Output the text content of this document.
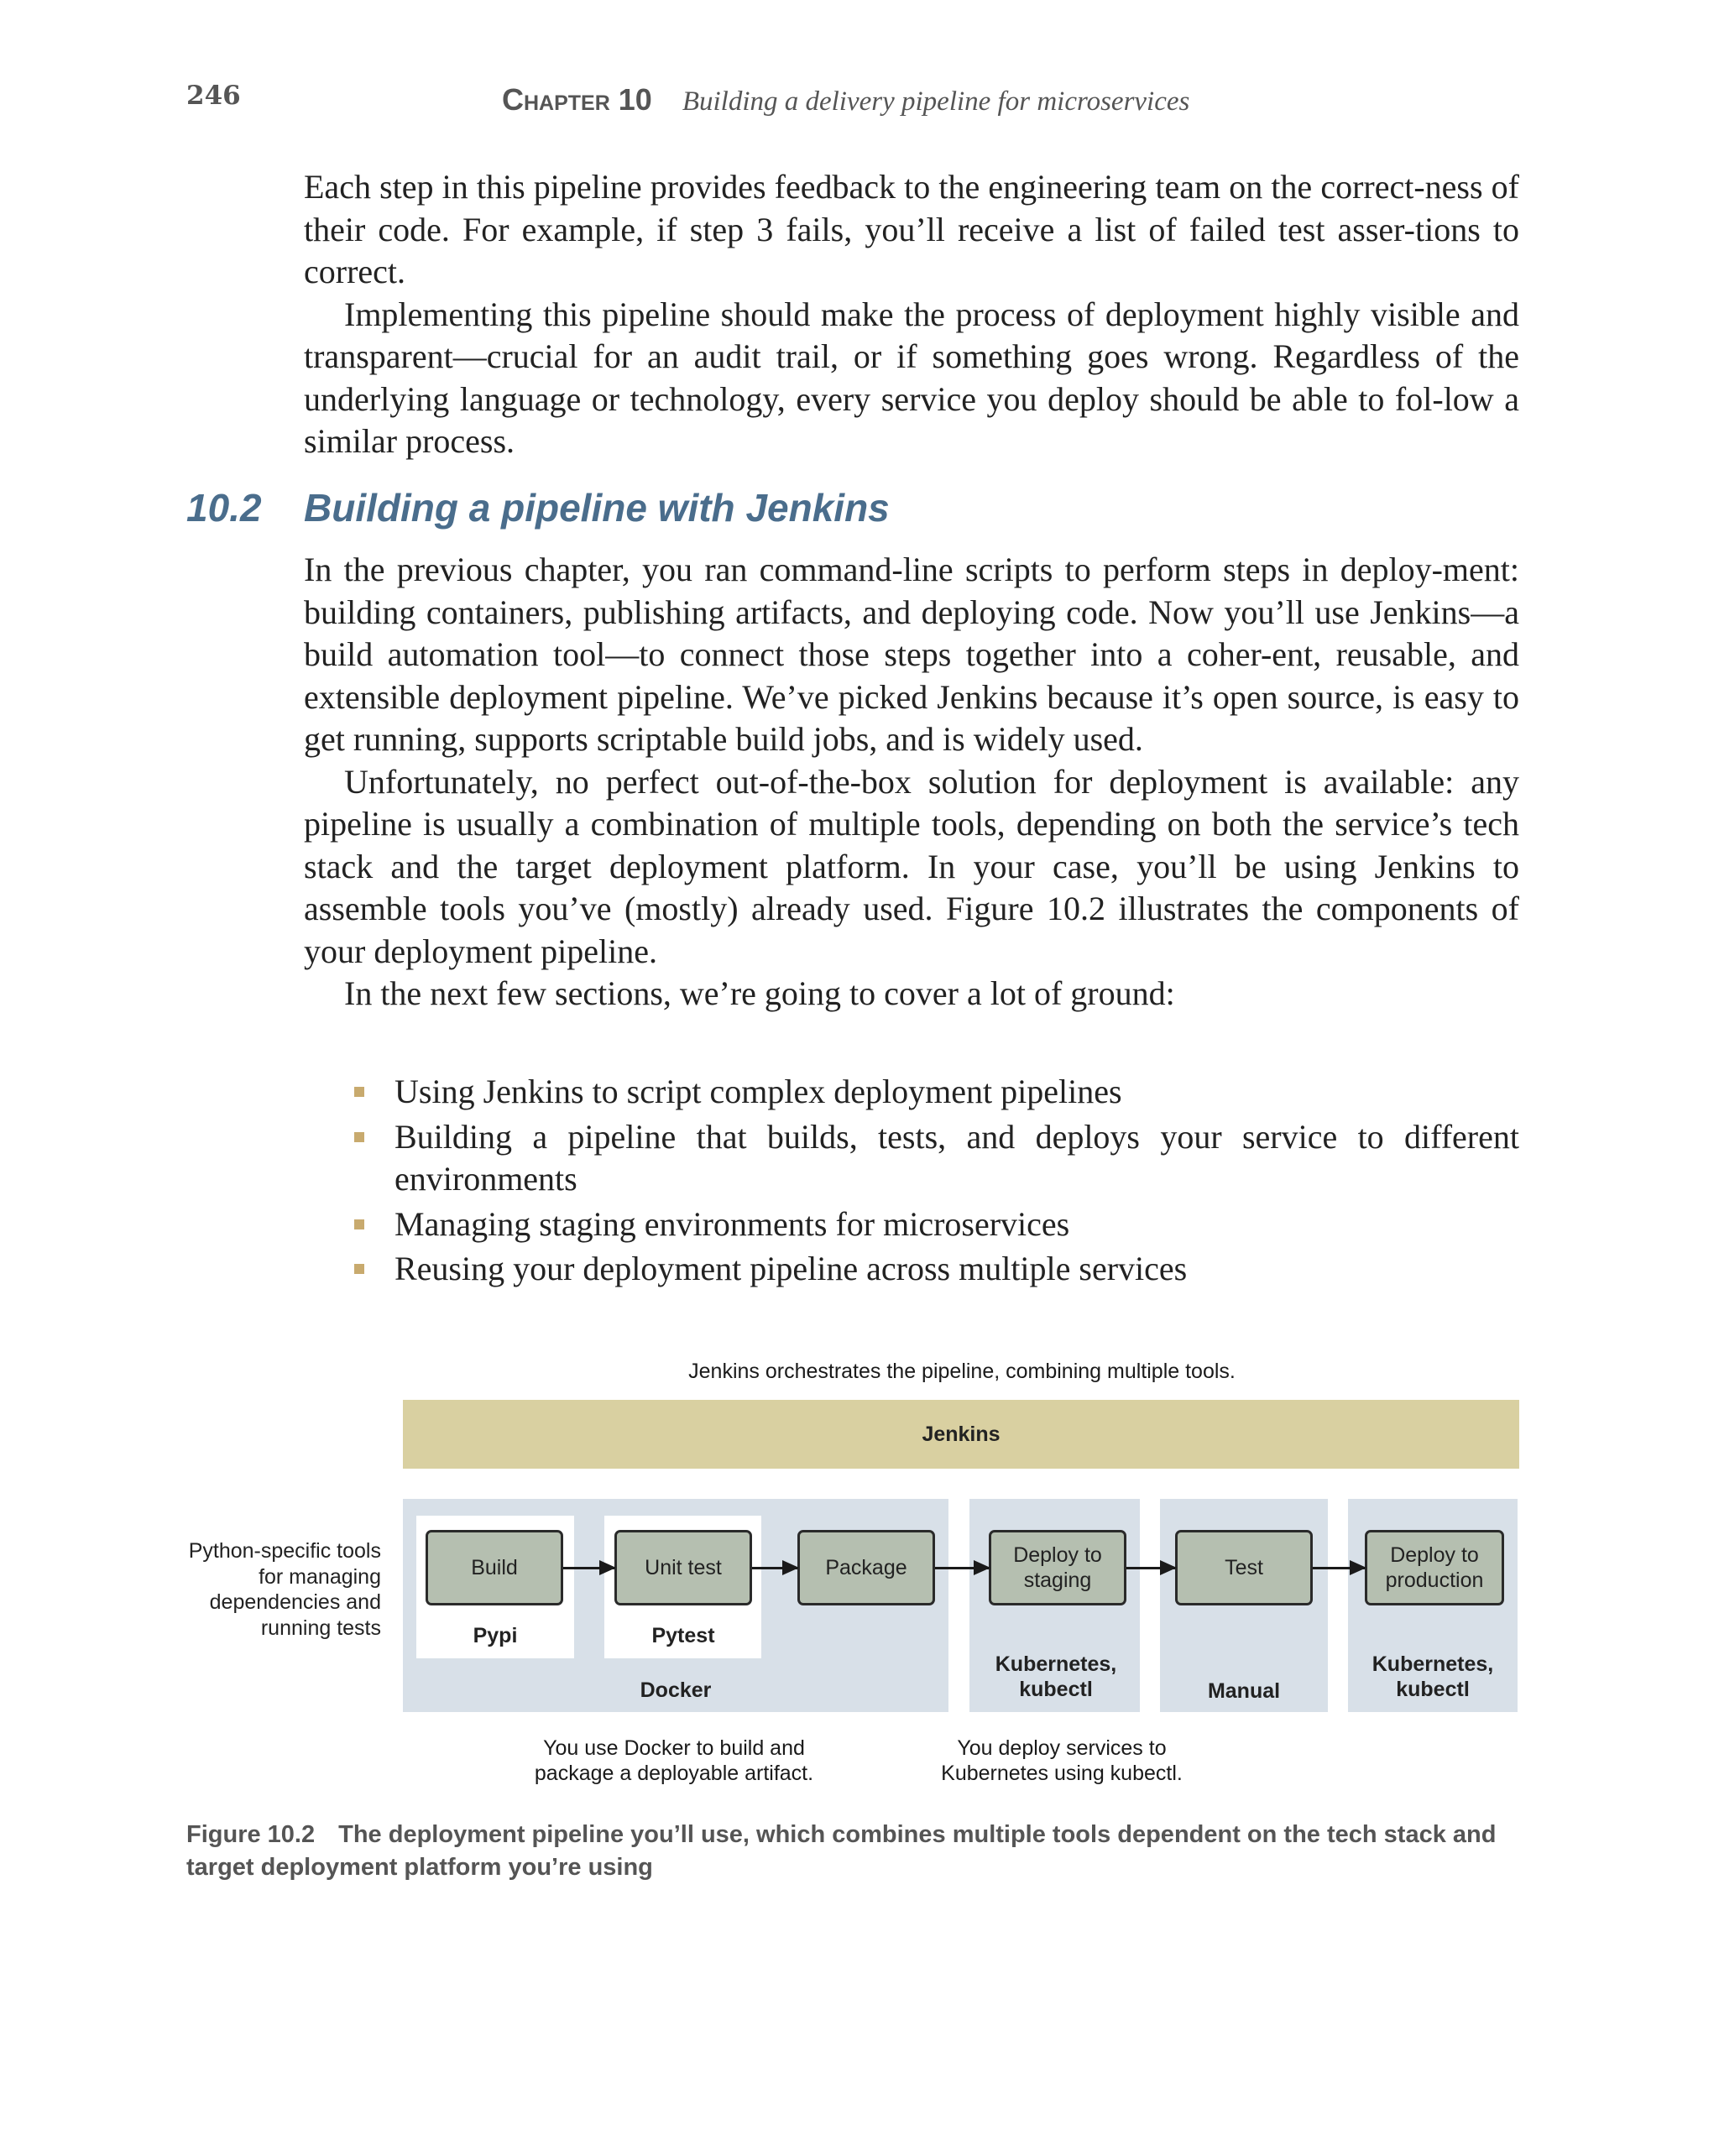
246	Chapter 10 Building a delivery pipeline for microservices

Each step in this pipeline provides feedback to the engineering team on the correct-ness of their code. For example, if step 3 fails, you’ll receive a list of failed test asser-tions to correct.

Implementing this pipeline should make the process of deployment highly visible and transparent—crucial for an audit trail, or if something goes wrong. Regardless of the underlying language or technology, every service you deploy should be able to fol-low a similar process.

10.2 Building a pipeline with Jenkins

In the previous chapter, you ran command-line scripts to perform steps in deploy-ment: building containers, publishing artifacts, and deploying code. Now you’ll use Jenkins—a build automation tool—to connect those steps together into a coher-ent, reusable, and extensible deployment pipeline. We’ve picked Jenkins because it’s open source, is easy to get running, supports scriptable build jobs, and is widely used.

Unfortunately, no perfect out-of-the-box solution for deployment is available: any pipeline is usually a combination of multiple tools, depending on both the service’s tech stack and the target deployment platform. In your case, you’ll be using Jenkins to assemble tools you’ve (mostly) already used. Figure 10.2 illustrates the components of your deployment pipeline.

In the next few sections, we’re going to cover a lot of ground:

Using Jenkins to script complex deployment pipelines
Building a pipeline that builds, tests, and deploys your service to different environments
Managing staging environments for microservices
Reusing your deployment pipeline across multiple services
Jenkins orchestrates the pipeline, combining multiple tools.
Jenkins
Python-specific tools for managing dependencies and running tests
Build	Unit test	Package
Deploy to staging
Test
Deploy to production
Pypi	Pytest
Docker
Kubernetes, kubectl	Manual
Kubernetes, kubectl
You use Docker to build and package a deployable artifact.
You deploy services to Kubernetes using kubectl.
Figure 10.2 The deployment pipeline you’ll use, which combines multiple tools dependent on the tech stack and target deployment platform you’re using
